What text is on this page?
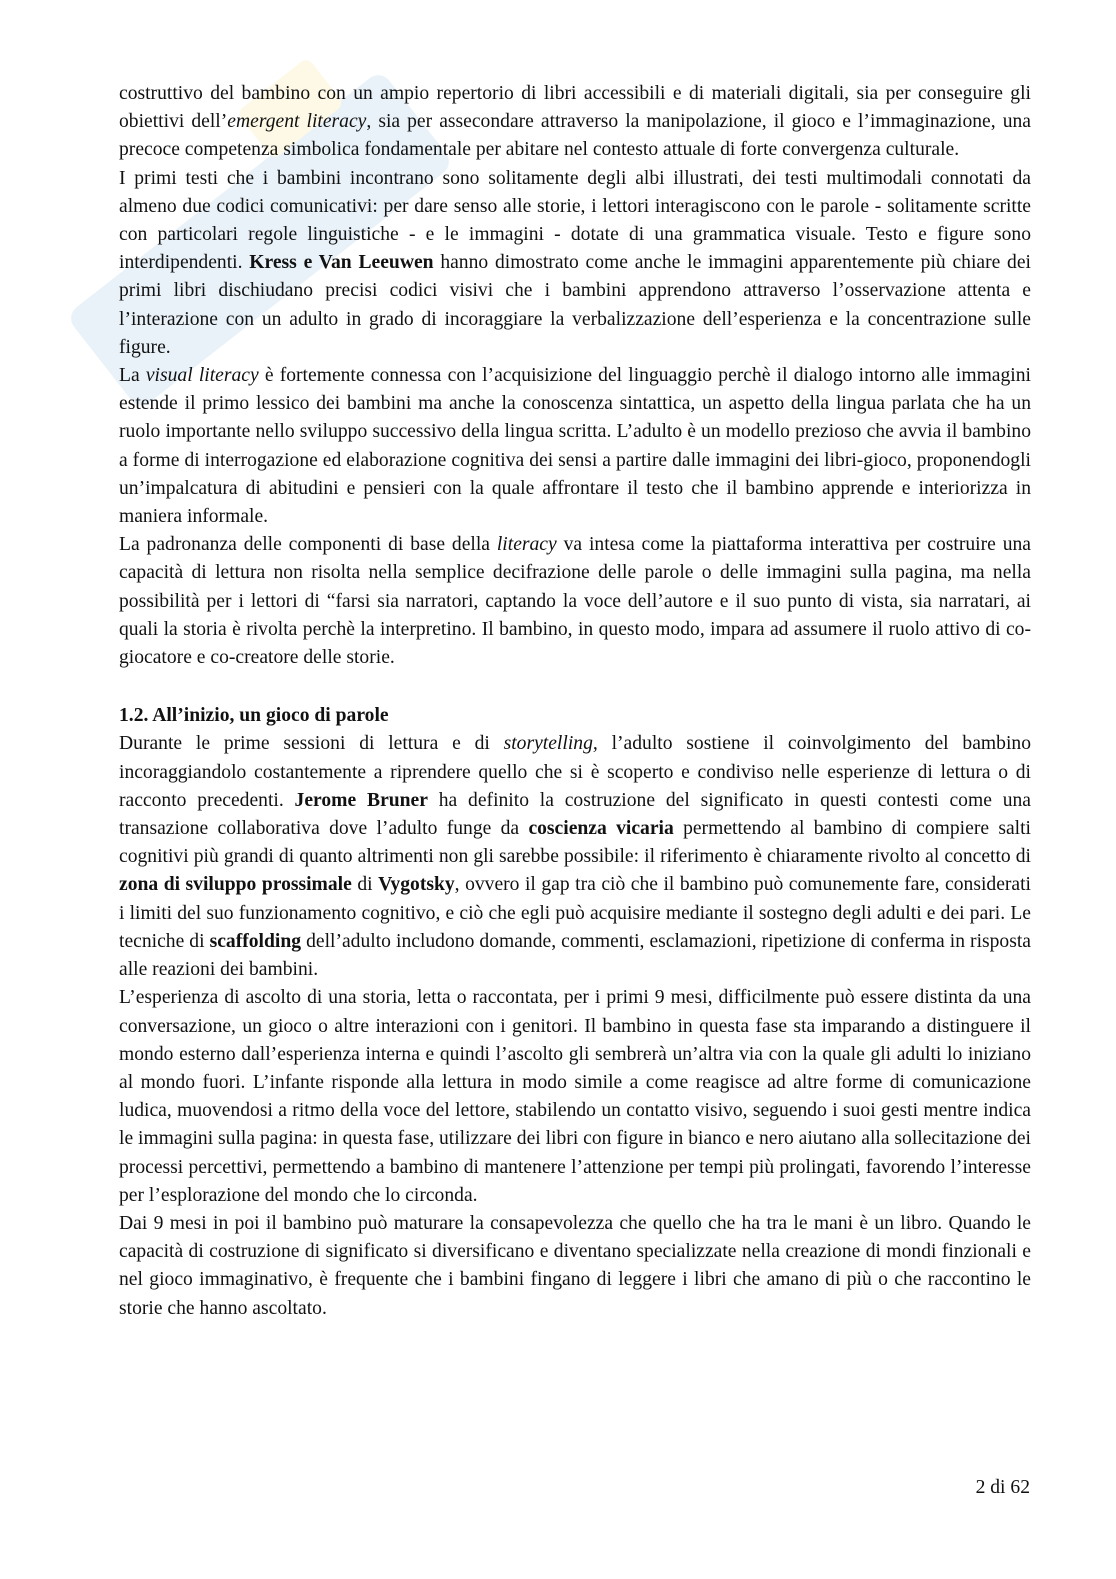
costruttivo del bambino con un ampio repertorio di libri accessibili e di materiali digitali, sia per conseguire gli obiettivi dell’emergent literacy, sia per assecondare attraverso la manipolazione, il gioco e l’immaginazione, una precoce competenza simbolica fondamentale per abitare nel contesto attuale di forte convergenza culturale.

I primi testi che i bambini incontrano sono solitamente degli albi illustrati, dei testi multimodali connotati da almeno due codici comunicativi: per dare senso alle storie, i lettori interagiscono con le parole - solitamente scritte con particolari regole linguistiche - e le immagini - dotate di una grammatica visuale. Testo e figure sono interdipendenti. Kress e Van Leeuwen hanno dimostrato come anche le immagini apparentemente più chiare dei primi libri dischiudano precisi codici visivi che i bambini apprendono attraverso l’osservazione attenta e l’interazione con un adulto in grado di incoraggiare la verbalizzazione dell’esperienza e la concentrazione sulle figure.

La visual literacy è fortemente connessa con l’acquisizione del linguaggio perchè il dialogo intorno alle immagini estende il primo lessico dei bambini ma anche la conoscenza sintattica, un aspetto della lingua parlata che ha un ruolo importante nello sviluppo successivo della lingua scritta. L’adulto è un modello prezioso che avvia il bambino a forme di interrogazione ed elaborazione cognitiva dei sensi a partire dalle immagini dei libri-gioco, proponendogli un’impalcatura di abitudini e pensieri con la quale affrontare il testo che il bambino apprende e interiorizza in maniera informale.

La padronanza delle componenti di base della literacy va intesa come la piattaforma interattiva per costruire una capacità di lettura non risolta nella semplice decifrazione delle parole o delle immagini sulla pagina, ma nella possibilità per i lettori di “farsi sia narratori, captando la voce dell’autore e il suo punto di vista, sia narratari, ai quali la storia è rivolta perchè la interpretino. Il bambino, in questo modo, impara ad assumere il ruolo attivo di co-giocatore e co-creatore delle storie.

1.2. All’inizio, un gioco di parole

Durante le prime sessioni di lettura e di storytelling, l’adulto sostiene il coinvolgimento del bambino incoraggiandolo costantemente a riprendere quello che si è scoperto e condiviso nelle esperienze di lettura o di racconto precedenti. Jerome Bruner ha definito la costruzione del significato in questi contesti come una transazione collaborativa dove l’adulto funge da coscienza vicaria permettendo al bambino di compiere salti cognitivi più grandi di quanto altrimenti non gli sarebbe possibile: il riferimento è chiaramente rivolto al concetto di zona di sviluppo prossimale di Vygotsky, ovvero il gap tra ciò che il bambino può comunemente fare, considerati i limiti del suo funzionamento cognitivo, e ciò che egli può acquisire mediante il sostegno degli adulti e dei pari. Le tecniche di scaffolding dell’adulto includono domande, commenti, esclamazioni, ripetizione di conferma in risposta alle reazioni dei bambini.

L’esperienza di ascolto di una storia, letta o raccontata, per i primi 9 mesi, difficilmente può essere distinta da una conversazione, un gioco o altre interazioni con i genitori. Il bambino in questa fase sta imparando a distinguere il mondo esterno dall’esperienza interna e quindi l’ascolto gli sembrerà un’altra via con la quale gli adulti lo iniziano al mondo fuori. L’infante risponde alla lettura in modo simile a come reagisce ad altre forme di comunicazione ludica, muovendosi a ritmo della voce del lettore, stabilendo un contatto visivo, seguendo i suoi gesti mentre indica le immagini sulla pagina: in questa fase, utilizzare dei libri con figure in bianco e nero aiutano alla sollecitazione dei processi percettivi, permettendo a bambino di mantenere l’attenzione per tempi più prolingati, favorendo l’interesse per l’esplorazione del mondo che lo circonda.

Dai 9 mesi in poi il bambino può maturare la consapevolezza che quello che ha tra le mani è un libro. Quando le capacità di costruzione di significato si diversificano e diventano specializzate nella creazione di mondi finzionali e nel gioco immaginativo, è frequente che i bambini fingano di leggere i libri che amano di più o che raccontino le storie che hanno ascoltato.

2 di 62
